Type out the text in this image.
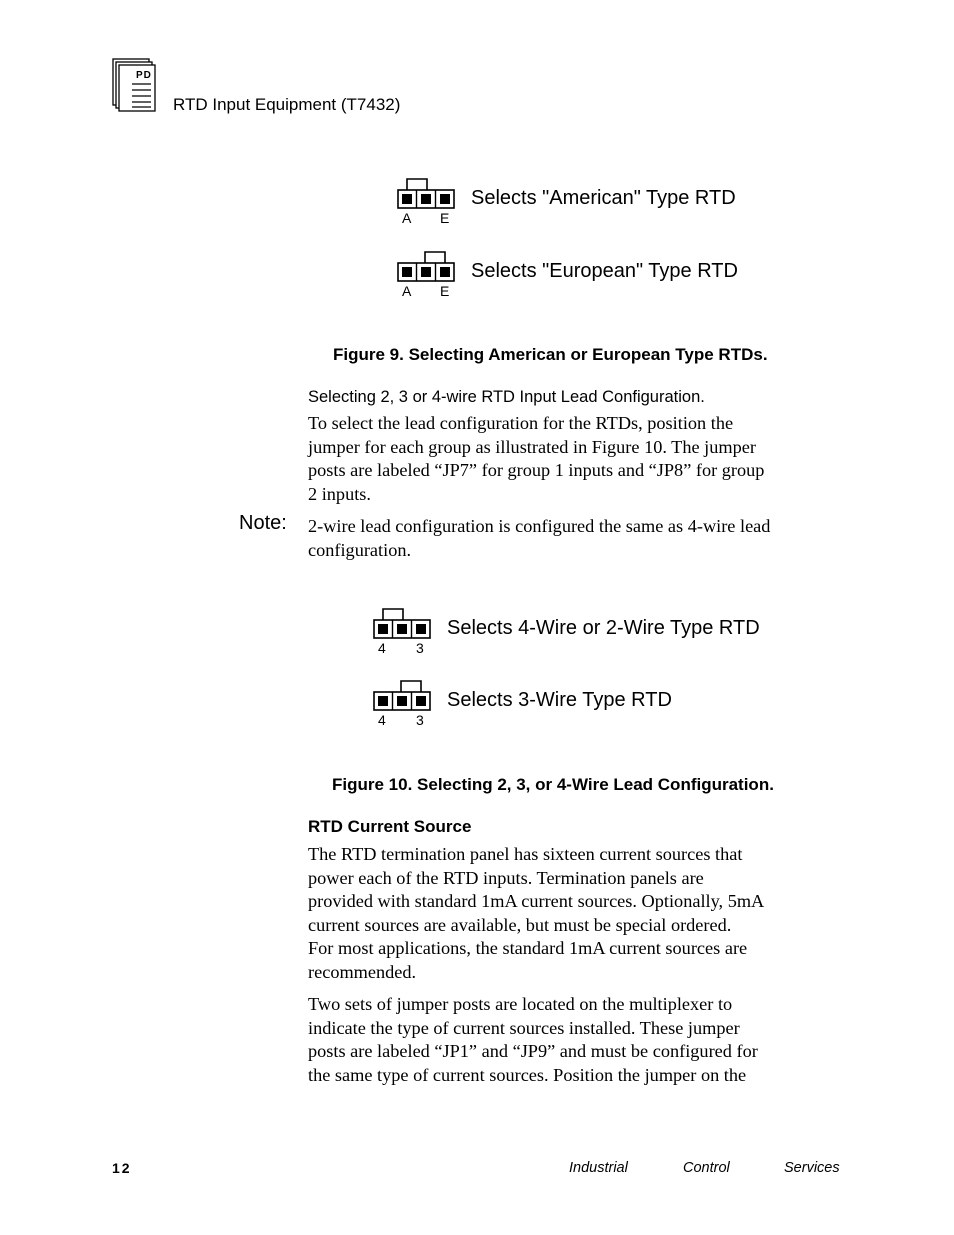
PD
RTD Input Equipment (T7432)
A E
Selects "American" Type RTD
A E
Selects "European" Type RTD
Figure 9. Selecting American or European Type RTDs.
Selecting 2, 3 or 4-wire RTD Input Lead Configuration.

To select the lead configuration for the RTDs, position the

jumper for each group as illustrated in Figure 10. The jumper

posts are labeled “JP7” for group 1 inputs and “JP8” for group

2 inputs.

Note: 2-wire lead configuration is configured the same as 4-wire lead

configuration.

4 3
Selects 4-Wire or 2-Wire Type RTD
4 3
Selects 3-Wire Type RTD
Figure 10. Selecting 2, 3, or 4-Wire Lead Configuration.
RTD Current Source

The RTD termination panel has sixteen current sources that

power each of the RTD inputs. Termination panels are

provided with standard 1mA current sources. Optionally, 5mA

current sources are available, but must be special ordered.

For most applications, the standard 1mA current sources are

recommended.

Two sets of jumper posts are located on the multiplexer to

indicate the type of current sources installed. These jumper

posts are labeled “JP1” and “JP9” and must be configured for

the same type of current sources. Position the jumper on the

12	Industrial	Control	Services
